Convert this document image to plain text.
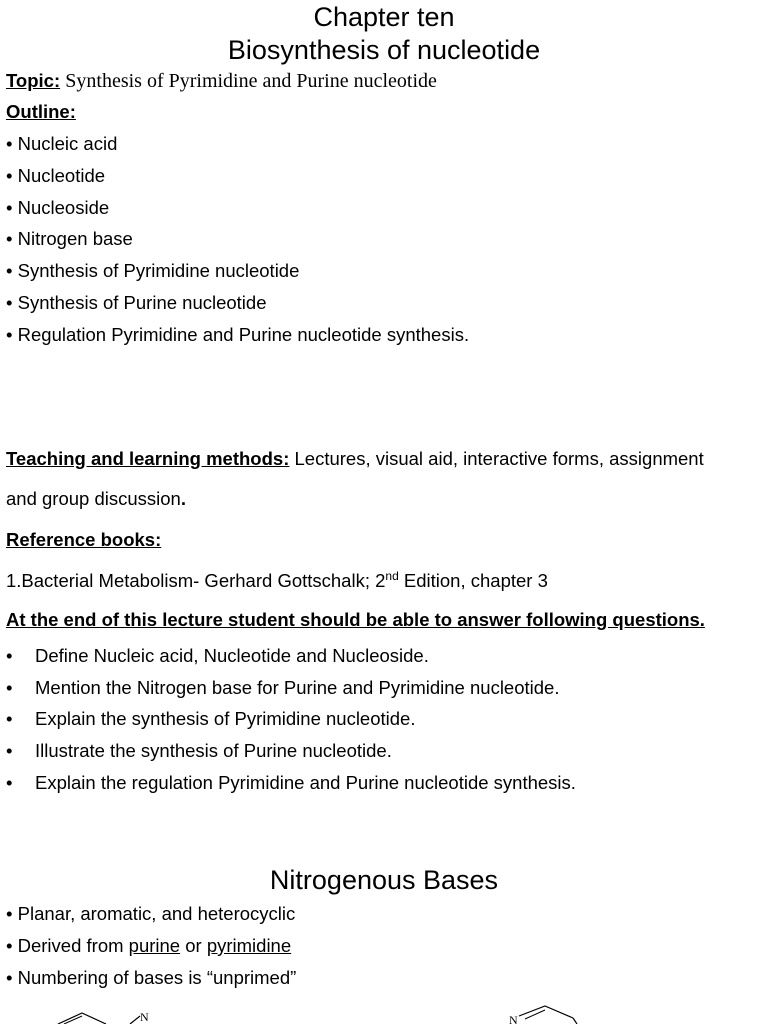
Chapter ten
Biosynthesis of nucleotide
Topic: Synthesis of Pyrimidine and Purine nucleotide
Outline:
• Nucleic acid
• Nucleotide
• Nucleoside
• Nitrogen base
• Synthesis of Pyrimidine nucleotide
• Synthesis of Purine nucleotide
• Regulation Pyrimidine and Purine nucleotide synthesis.
Teaching and learning methods: Lectures, visual aid, interactive forms, assignment
and group discussion.
Reference books:
1.Bacterial Metabolism- Gerhard Gottschalk; 2nd Edition, chapter 3
At the end of this lecture student should be able to answer following questions.
• Define Nucleic acid, Nucleotide and Nucleoside.
• Mention the Nitrogen base for Purine and Pyrimidine nucleotide.
• Explain the synthesis of Pyrimidine nucleotide.
• Illustrate the synthesis of Purine nucleotide.
• Explain the regulation Pyrimidine and Purine nucleotide synthesis.
Nitrogenous Bases
• Planar, aromatic, and heterocyclic
• Derived from purine or pyrimidine
• Numbering of bases is “unprimed”
N	N
